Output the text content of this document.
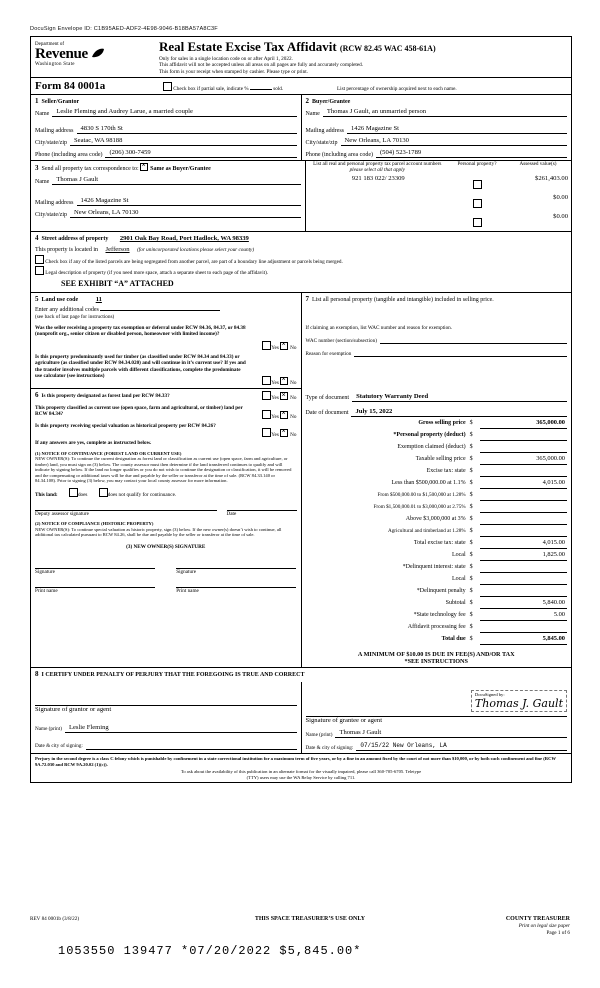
DocuSign Envelope ID: C1B95AED-ADF2-4E98-9046-B18BA57A8C3F
Department of
Revenue
Washington State
Real Estate Excise Tax Affidavit (RCW 82.45 WAC 458-61A)
Only for sales in a single location code on or after April 1, 2022.
This affidavit will not be accepted unless all areas on all pages are fully and accurately completed.
This form is your receipt when stamped by cashier. Please type or print.
Form 84 0001a	Check box if partial sale, indicate %	sold.	List percentage of ownership acquired next to each name.
1 Seller/Grantor
Name	Leslie Fleming and Audrey Larue, a married couple
Mailing address	4830 S 170th St
City/state/zip	Seatac, WA 98188
Phone (including area code)	(206) 300-7459
2 Buyer/Grantee
Name	Thomas J Gault, an unmarried person
Mailing address	1426 Magazine St
City/state/zip	New Orleans, LA 70130
Phone (including area code)	(504) 523-1789
3 Send all property tax correspondence to: × Same as Buyer/Grantee
Name	Thomas J Gault
Mailing address	1426 Magazine St
City/state/zip	New Orleans, LA 70130
List all real and personal property tax parcel account numbers please select all that apply
Personal property?	Assessed value(s)
921 183 022/ 23309	$261,403.00
$0.00
$0.00
4 Street address of property 2901 Oak Bay Road, Port Hadlock, WA 98339
This property is located in Jefferson (for unincorporated locations please select your county)
Check box if any of the listed parcels are being segregated from another parcel, are part of a boundary line adjustment or parcels being merged.
Legal description of property (if you need more space, attach a separate sheet to each page of the affidavit).
SEE EXHIBIT “A” ATTACHED
5 Land use code	11
Enter any additional codes
(see back of last page for instructions)
Was the seller receiving a property tax exemption or deferral under RCW 84.36, 84.37, or 84.38 (nonprofit org., senior citizen or disabled person, homeowner with limited income)?
Yes × No
Is this property predominantly used for timber (as classified under RCW 84.34 and 84.33) or agriculture (as classified under RCW 84.34.020) and will continue in it’s current use? If yes and the transfer involves multiple parcels with different classifications, complete the predominate use calculator (see instructions)
Yes × No
7 List all personal property (tangible and intangible) included in selling price.
If claiming an exemption, list WAC number and reason for exemption.
WAC number (section/subsection)
Reason for exemption
6 Is this property designated as forest land per RCW 84.33?	Yes × No
This property classified as current use (open space, farm and agricultural, or timber) land per RCW 84.34?	Yes × No
Is this property receiving special valuation as historical property per RCW 84.26?
Yes × No
If any answers are yes, complete as instructed below.
(1) NOTICE OF CONTINUANCE (FOREST LAND OR CURRENT USE)
NEW OWNER(S): To continue the current designation as forest land or classification as current use (open space, farm and agriculture, or timber) land, you must sign on (3) below. The county assessor must then determine if the land transferred continues to qualify and will indicate by signing below. If the land no longer qualifies or you do not wish to continue the designation or classification, it will be removed and the compensating or additional taxes will be due and payable by the seller or transferor at the time of sale. (RCW 84.33.140 or 84.34.108). Prior to signing (3) below, you may contact your local county assessor for more information.
This land:	does	does not qualify for continuance.
Deputy assessor signature	Date
(2) NOTICE OF COMPLIANCE (HISTORIC PROPERTY)
NEW OWNER(S): To continue special valuation as historic property, sign (3) below. If the new owner(s) doesn’t wish to continue, all additional tax calculated pursuant to RCW 84.26, shall be due and payable by the seller or transferor at the time of sale.
(3) NEW OWNER(S) SIGNATURE
Signature	Signature
Print name	Print name
Type of document	Statutory Warranty Deed
Date of document	July 15, 2022
Gross selling price	$	365,000.00
*Personal property (deduct)	$	
Exemption claimed (deduct)	$	
Taxable selling price	$	365,000.00
Excise tax: state	$	
Less than $500,000.00 at 1.1%	$	4,015.00
From $500,000.00 to $1,500,000 at 1.28%	$	
From $1,500,000.01 to $3,000,000 at 2.75%	$	
Above $3,000,000 at 3%	$	
Agricultural and timberland at 1.28%	$	
Total excise tax: state	$	4,015.00
Local	$	1,825.00
*Delinquent interest: state	$	
Local	$	
*Delinquent penalty	$	
Subtotal	$	5,840.00
*State technology fee	$	5.00
Affidavit processing fee	$	
Total due	$	5,845.00
A MINIMUM OF $10.00 IS DUE IN FEE(S) AND/OR TAX
*SEE INSTRUCTIONS
8 I CERTIFY UNDER PENALTY OF PERJURY THAT THE FOREGOING IS TRUE AND CORRECT
Signature of grantor or agent
Name (print)	Leslie Fleming
Date & city of signing:
DocuSigned by:
Thomas J. Gault
Signature of grantee or agent
Name (print)	Thomas J Gault
Date & city of signing:	07/15/22 New Orleans, LA
Perjury in the second degree is a class C felony which is punishable by confinement in a state correctional institution for a maximum term of five years, or by a fine in an amount fixed by the court of not more than $10,000, or by both such confinement and fine (RCW 9A.72.030 and RCW 9A.20.02 (1)(c)).
To ask about the availability of this publication in an alternate format for the visually impaired, please call 360-705-6705. Teletype
(TTY) users may use the WA Relay Service by calling 711.
REV 84 0001b (3/8/22)	THIS SPACE TREASURER’S USE ONLY	COUNTY TREASURER
Print on legal size paper
Page 1 of 6
1053550 139477 *07/20/2022 $5,845.00*
